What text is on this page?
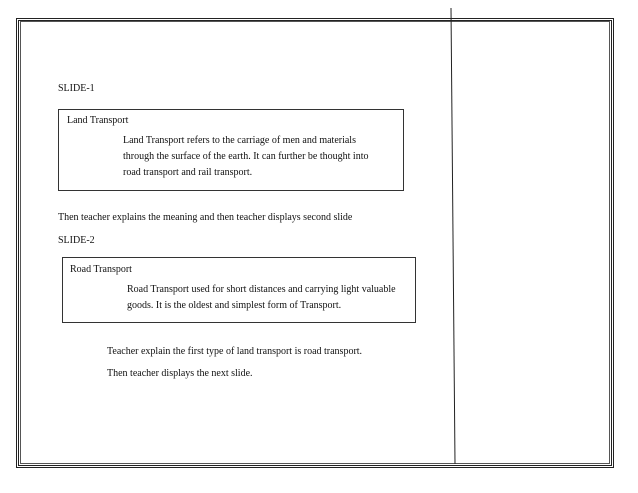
SLIDE-1
Land Transport
Land Transport refers to the carriage of men and materials
through the surface of the earth. It can further be thought into
road transport and rail transport.
Then teacher explains the meaning and then teacher displays second slide
SLIDE-2
Road Transport
Road Transport used for short distances and carrying light valuable
goods. It is the oldest and simplest form of Transport.
Teacher explain the first type of land transport is road transport.
Then teacher displays the next slide.
